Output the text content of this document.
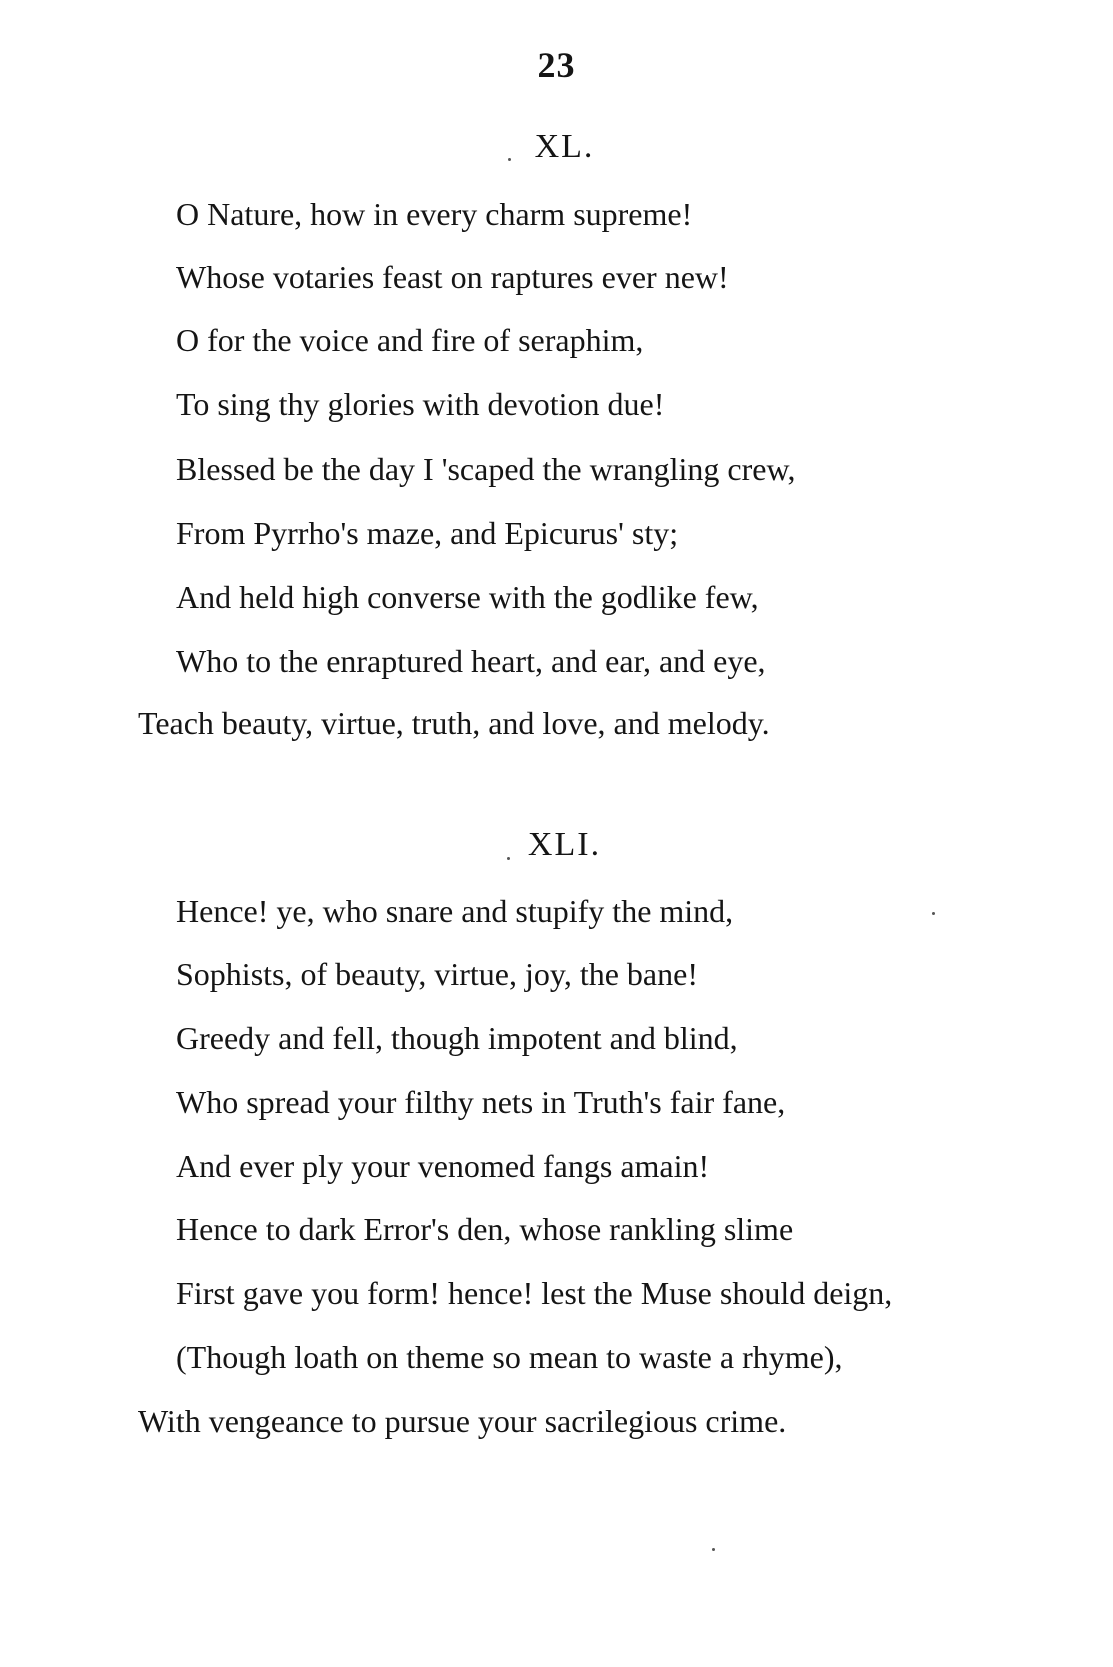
23
XL.
O Nature, how in every charm supreme!
Whose votaries feast on raptures ever new!
O for the voice and fire of seraphim,
To sing thy glories with devotion due!
Blessed be the day I 'scaped the wrangling crew,
From Pyrrho's maze, and Epicurus' sty;
And held high converse with the godlike few,
Who to the enraptured heart, and ear, and eye,
Teach beauty, virtue, truth, and love, and melody.
XLI.
Hence! ye, who snare and stupify the mind,
Sophists, of beauty, virtue, joy, the bane!
Greedy and fell, though impotent and blind,
Who spread your filthy nets in Truth's fair fane,
And ever ply your venomed fangs amain!
Hence to dark Error's den, whose rankling slime
First gave you form! hence! lest the Muse should deign,
(Though loath on theme so mean to waste a rhyme),
With vengeance to pursue your sacrilegious crime.
